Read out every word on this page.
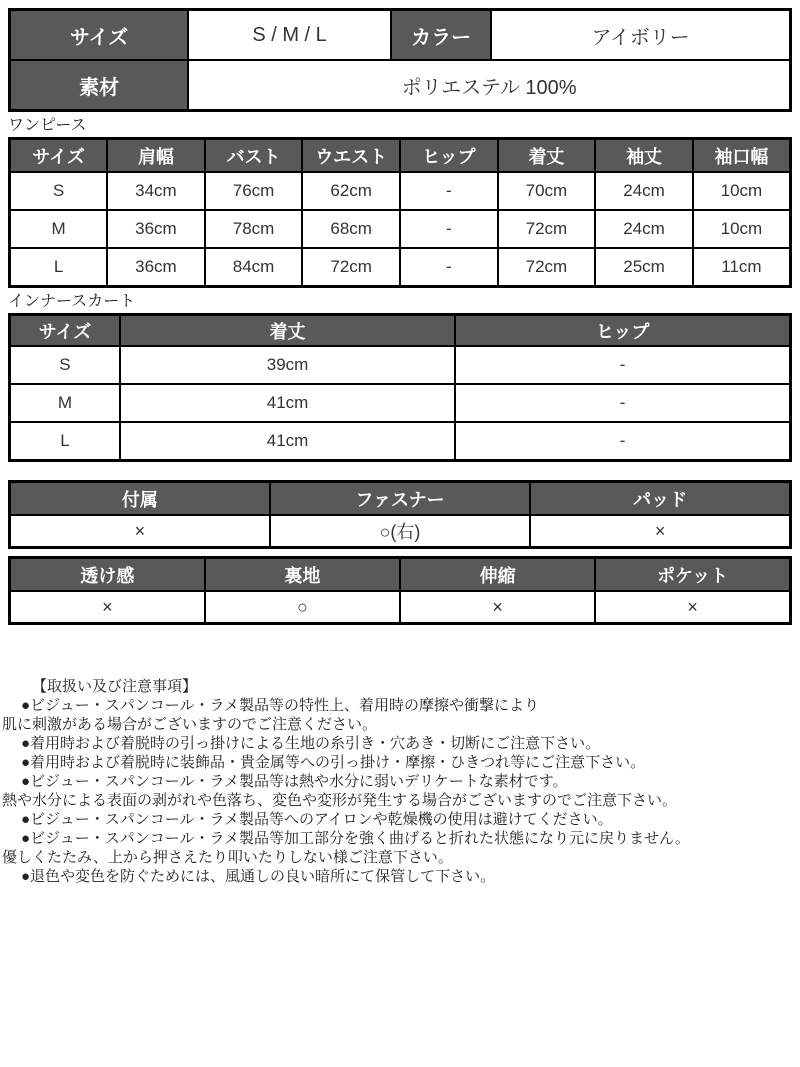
サイズ	S / M / L	カラー	アイボリー
素材	ポリエステル 100%		
ワンピース
サイズ	肩幅	バスト	ウエスト	ヒップ	着丈	袖丈	袖口幅
S	34cm	76cm	62cm	-	70cm	24cm	10cm
M	36cm	78cm	68cm	-	72cm	24cm	10cm
L	36cm	84cm	72cm	-	72cm	25cm	11cm
インナースカート
サイズ	着丈	ヒップ
S	39cm	-
M	41cm	-
L	41cm	-
付属	ファスナー	パッド
×	○(右)	×
透け感	裏地	伸縮	ポケット
×	○	×	×
【取扱い及び注意事項】
●ビジュー・スパンコール・ラメ製品等の特性上、着用時の摩擦や衝撃により
肌に刺激がある場合がございますのでご注意ください。
●着用時および着脱時の引っ掛けによる生地の糸引き・穴あき・切断にご注意下さい。
●着用時および着脱時に装飾品・貴金属等への引っ掛け・摩擦・ひきつれ等にご注意下さい。
●ビジュー・スパンコール・ラメ製品等は熱や水分に弱いデリケートな素材です。
熱や水分による表面の剥がれや色落ち、変色や変形が発生する場合がございますのでご注意下さい。
●ビジュー・スパンコール・ラメ製品等へのアイロンや乾燥機の使用は避けてください。
●ビジュー・スパンコール・ラメ製品等加工部分を強く曲げると折れた状態になり元に戻りません。
優しくたたみ、上から押さえたり叩いたりしない様ご注意下さい。
●退色や変色を防ぐためには、風通しの良い暗所にて保管して下さい。
